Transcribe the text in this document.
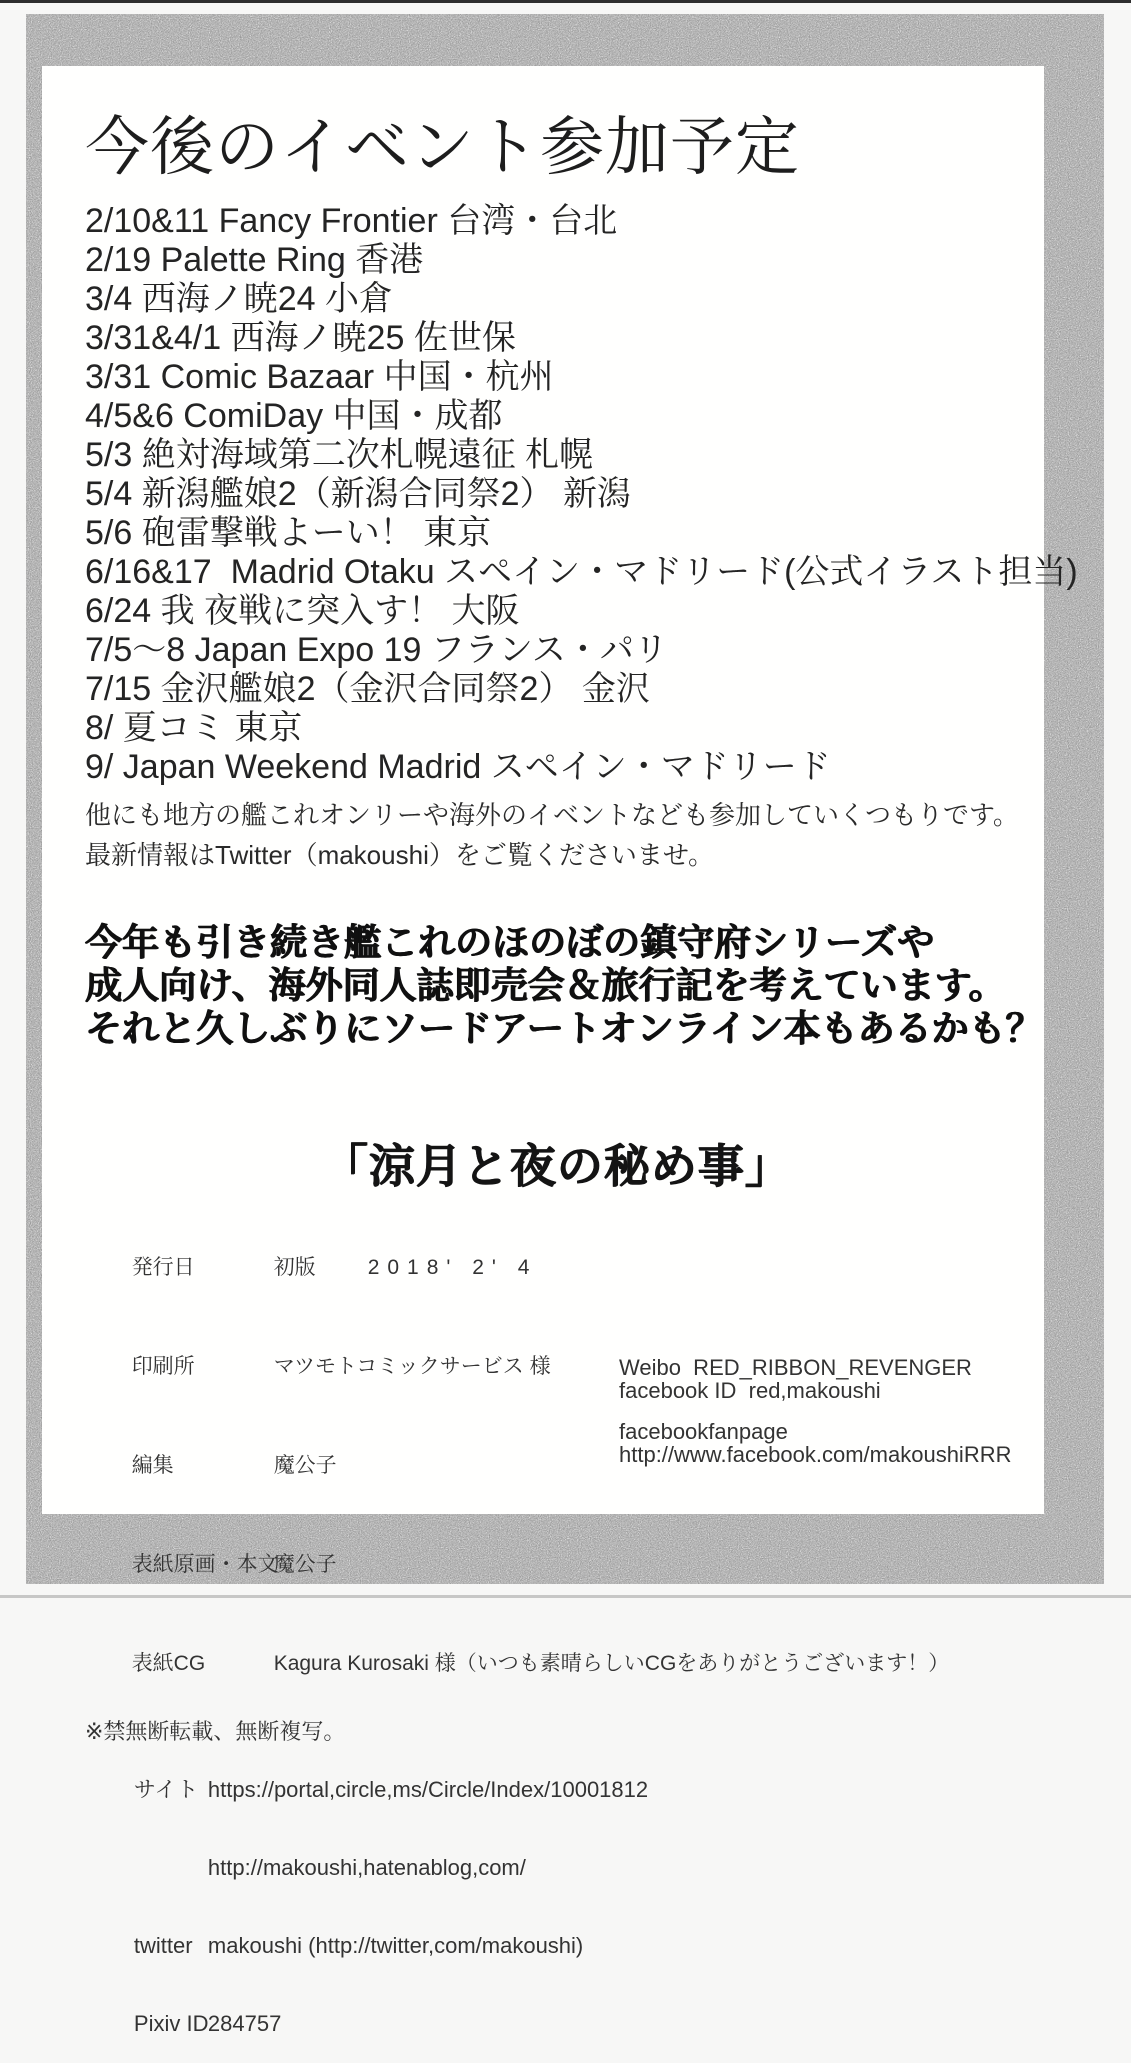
今後のイベント参加予定
2/10&11 Fancy Frontier 台湾・台北
2/19 Palette Ring 香港
3/4 西海ノ暁24 小倉
3/31&4/1 西海ノ暁25 佐世保
3/31 Comic Bazaar 中国・杭州
4/5&6 ComiDay 中国・成都
5/3 絶対海域第二次札幌遠征 札幌
5/4 新潟艦娘2（新潟合同祭2） 新潟
5/6 砲雷撃戦よーい！ 東京
6/16&17  Madrid Otaku スペイン・マドリード(公式イラスト担当)
6/24 我 夜戦に突入す！ 大阪
7/5～8 Japan Expo 19 フランス・パリ
7/15 金沢艦娘2（金沢合同祭2） 金沢
8/ 夏コミ 東京
9/ Japan Weekend Madrid スペイン・マドリード
他にも地方の艦これオンリーや海外のイベントなども参加していくつもりです。
最新情報はTwitter（makoushi）をご覧くださいませ。
今年も引き続き艦これのほのぼの鎮守府シリーズや
成人向け、海外同人誌即売会＆旅行記を考えています。
それと久しぶりにソードアートオンライン本もあるかも？
「涼月と夜の秘め事」

発行日	初版 2018' 2' 4

印刷所	マツモトコミックサービス 様

編集	魔公子

表紙原画・本文魔公子

表紙CG	Kagura Kurosaki 様（いつも素晴らしいCGをありがとうございます！）

※禁無断転載、無断複写。

サイト https://portal,circle,ms/Circle/Index/10001812

http://makoushi,hatenablog,com/

twitter makoushi (http://twitter,com/makoushi)

Pixiv ID284757

Weibo  RED_RIBBON_REVENGER
facebook ID  red,makoushi
facebookfanpage
http://www.facebook.com/makoushiRRR
